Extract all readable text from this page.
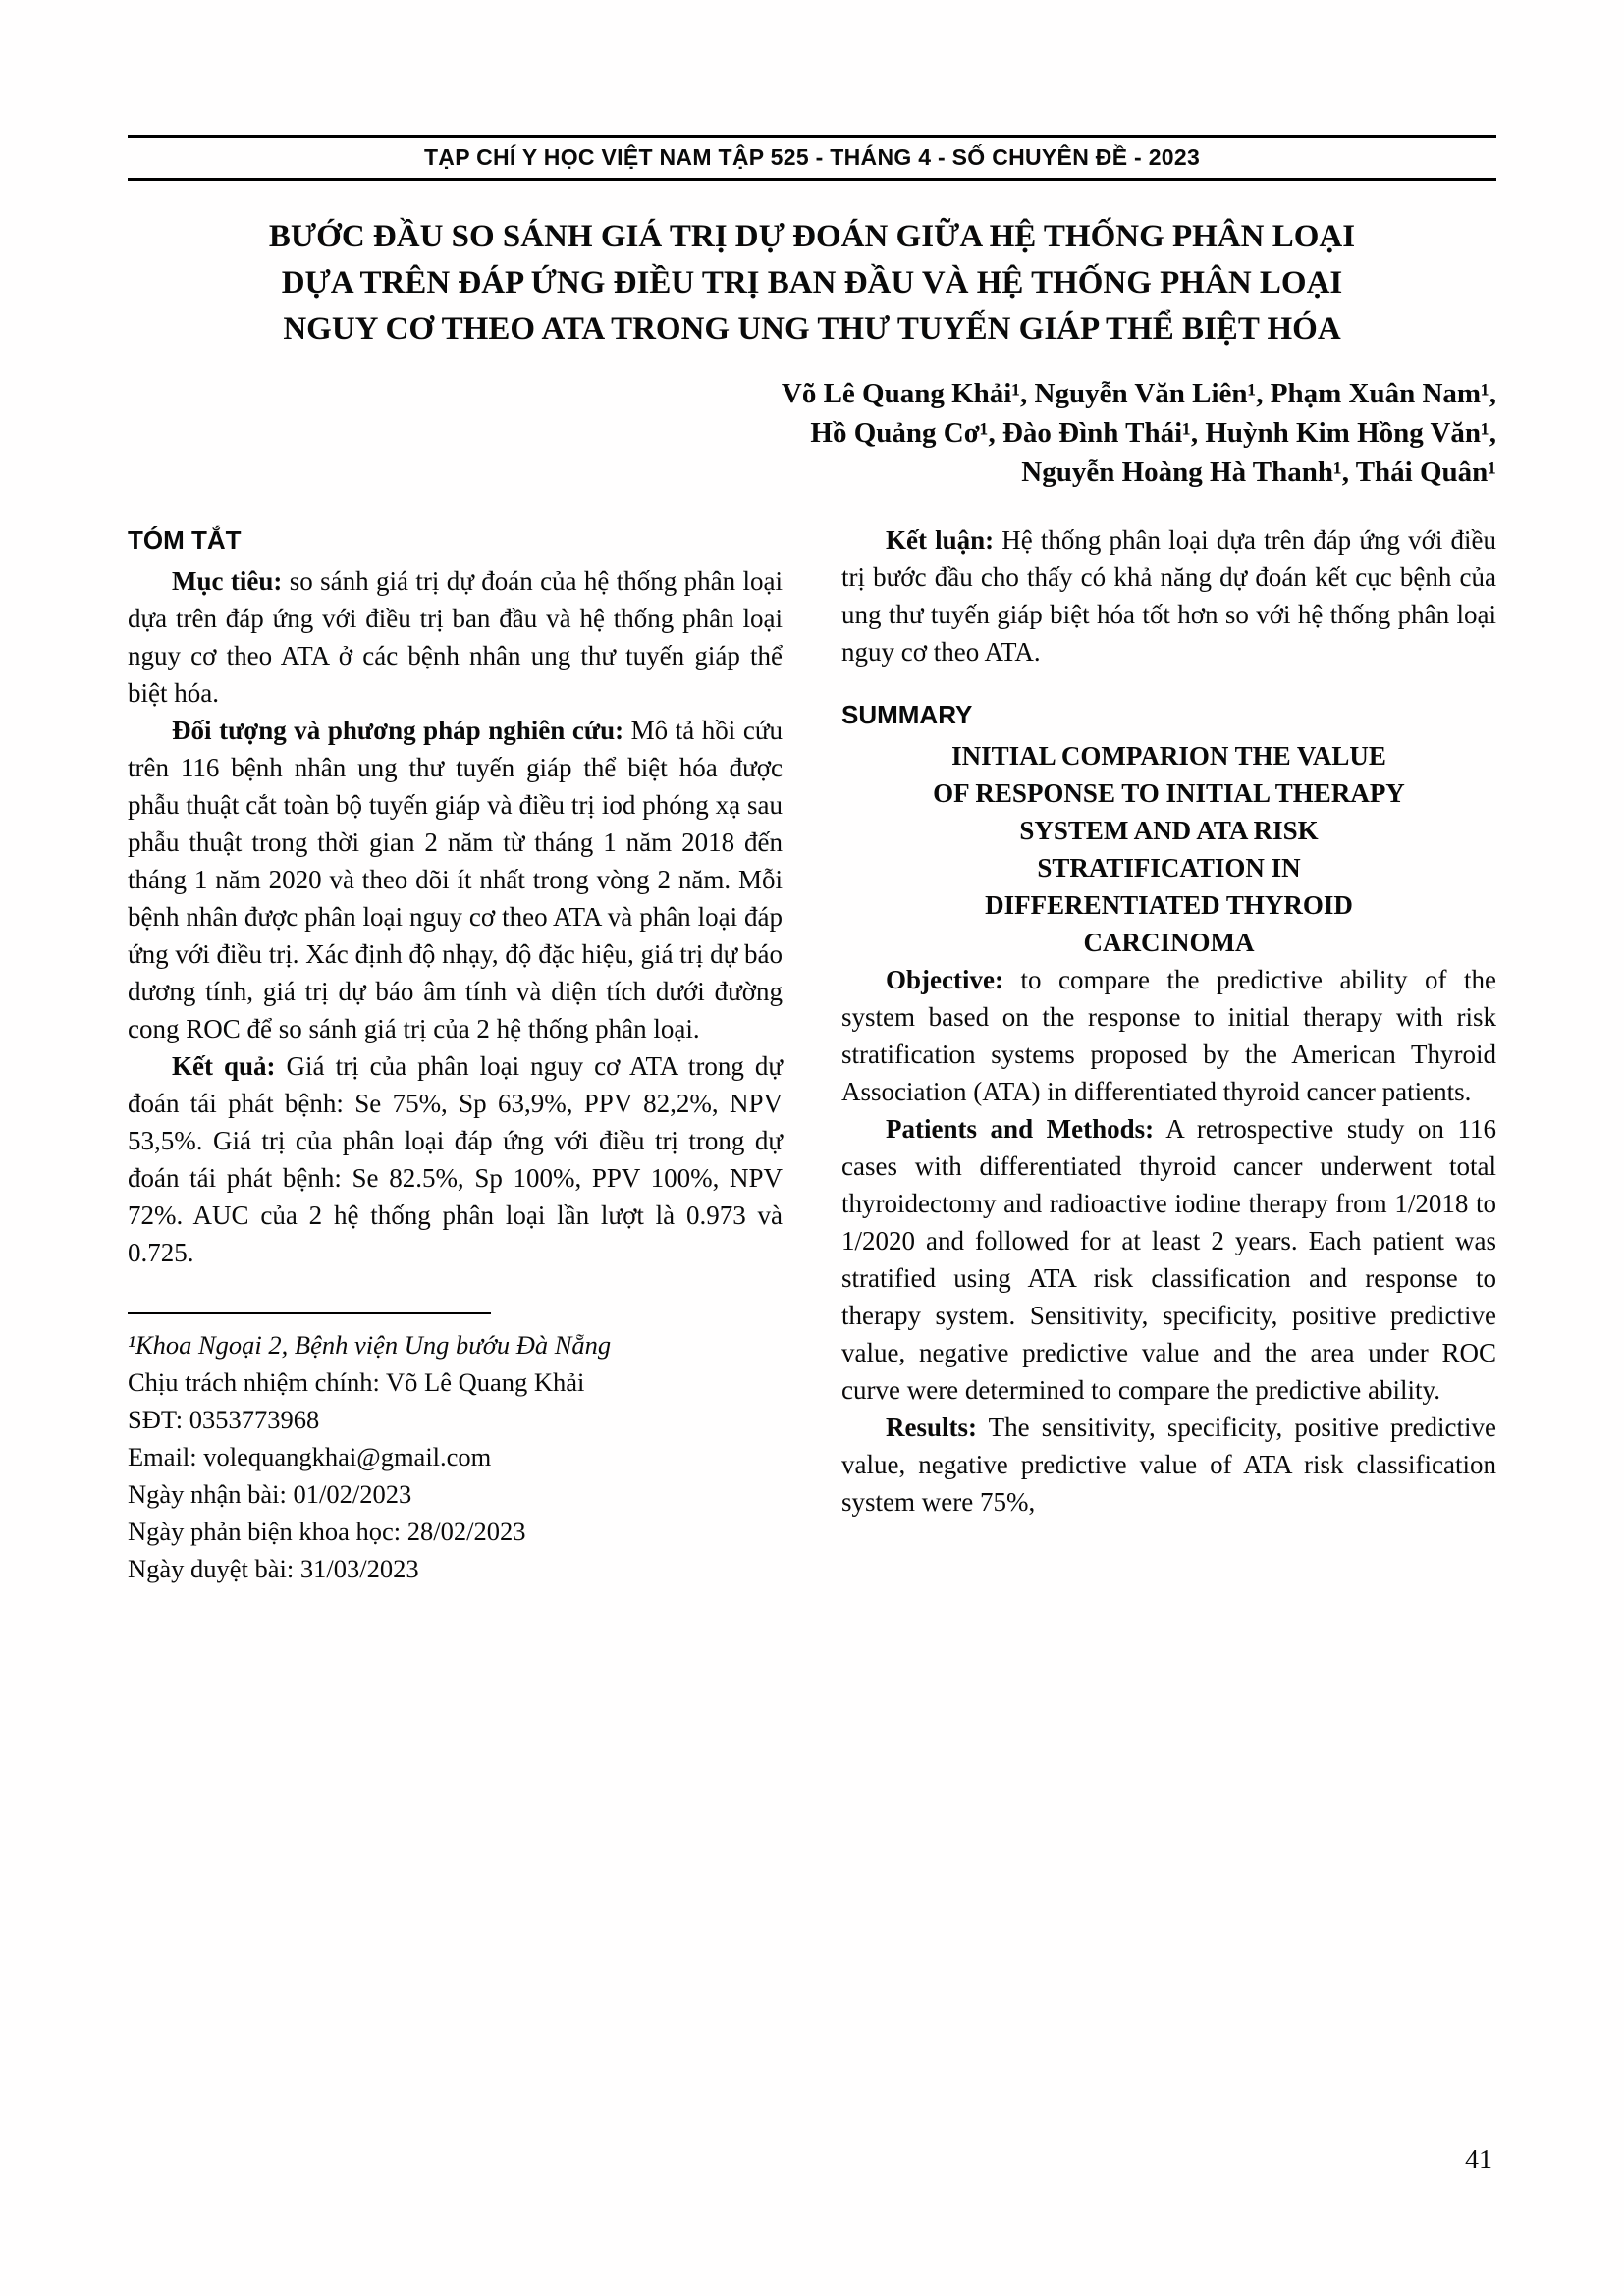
TẠP CHÍ Y HỌC VIỆT NAM TẬP 525 - THÁNG 4 - SỐ CHUYÊN ĐỀ - 2023
BƯỚC ĐẦU SO SÁNH GIÁ TRỊ DỰ ĐOÁN GIỮA HỆ THỐNG PHÂN LOẠI
DỰA TRÊN ĐÁP ỨNG ĐIỀU TRỊ BAN ĐẦU VÀ HỆ THỐNG PHÂN LOẠI
NGUY CƠ THEO ATA TRONG UNG THƯ TUYẾN GIÁP THỂ BIỆT HÓA
Võ Lê Quang Khải¹, Nguyễn Văn Liên¹, Phạm Xuân Nam¹,
Hồ Quảng Cơ¹, Đào Đình Thái¹, Huỳnh Kim Hồng Văn¹,
Nguyễn Hoàng Hà Thanh¹, Thái Quân¹
TÓM TẮT

Mục tiêu: so sánh giá trị dự đoán của hệ thống phân loại dựa trên đáp ứng với điều trị ban đầu và hệ thống phân loại nguy cơ theo ATA ở các bệnh nhân ung thư tuyến giáp thể biệt hóa.

Đối tượng và phương pháp nghiên cứu: Mô tả hồi cứu trên 116 bệnh nhân ung thư tuyến giáp thể biệt hóa được phẫu thuật cắt toàn bộ tuyến giáp và điều trị iod phóng xạ sau phẫu thuật trong thời gian 2 năm từ tháng 1 năm 2018 đến tháng 1 năm 2020 và theo dõi ít nhất trong vòng 2 năm. Mỗi bệnh nhân được phân loại nguy cơ theo ATA và phân loại đáp ứng với điều trị. Xác định độ nhạy, độ đặc hiệu, giá trị dự báo dương tính, giá trị dự báo âm tính và diện tích dưới đường cong ROC để so sánh giá trị của 2 hệ thống phân loại.

Kết quả: Giá trị của phân loại nguy cơ ATA trong dự đoán tái phát bệnh: Se 75%, Sp 63,9%, PPV 82,2%, NPV 53,5%. Giá trị của phân loại đáp ứng với điều trị trong dự đoán tái phát bệnh: Se 82.5%, Sp 100%, PPV 100%, NPV 72%. AUC của 2 hệ thống phân loại lần lượt là 0.973 và 0.725.

¹Khoa Ngoại 2, Bệnh viện Ung bướu Đà Nẵng
Chịu trách nhiệm chính: Võ Lê Quang Khải
SĐT: 0353773968
Email: volequangkhai@gmail.com
Ngày nhận bài: 01/02/2023
Ngày phản biện khoa học: 28/02/2023
Ngày duyệt bài: 31/03/2023

Kết luận: Hệ thống phân loại dựa trên đáp ứng với điều trị bước đầu cho thấy có khả năng dự đoán kết cục bệnh của ung thư tuyến giáp biệt hóa tốt hơn so với hệ thống phân loại nguy cơ theo ATA.

SUMMARY
INITIAL COMPARION THE VALUE
OF RESPONSE TO INITIAL THERAPY
SYSTEM AND ATA RISK
STRATIFICATION IN
DIFFERENTIATED THYROID
CARCINOMA

Objective: to compare the predictive ability of the system based on the response to initial therapy with risk stratification systems proposed by the American Thyroid Association (ATA) in differentiated thyroid cancer patients.

Patients and Methods: A retrospective study on 116 cases with differentiated thyroid cancer underwent total thyroidectomy and radioactive iodine therapy from 1/2018 to 1/2020 and followed for at least 2 years. Each patient was stratified using ATA risk classification and response to therapy system. Sensitivity, specificity, positive predictive value, negative predictive value and the area under ROC curve were determined to compare the predictive ability.

Results: The sensitivity, specificity, positive predictive value, negative predictive value of ATA risk classification system were 75%,

41
